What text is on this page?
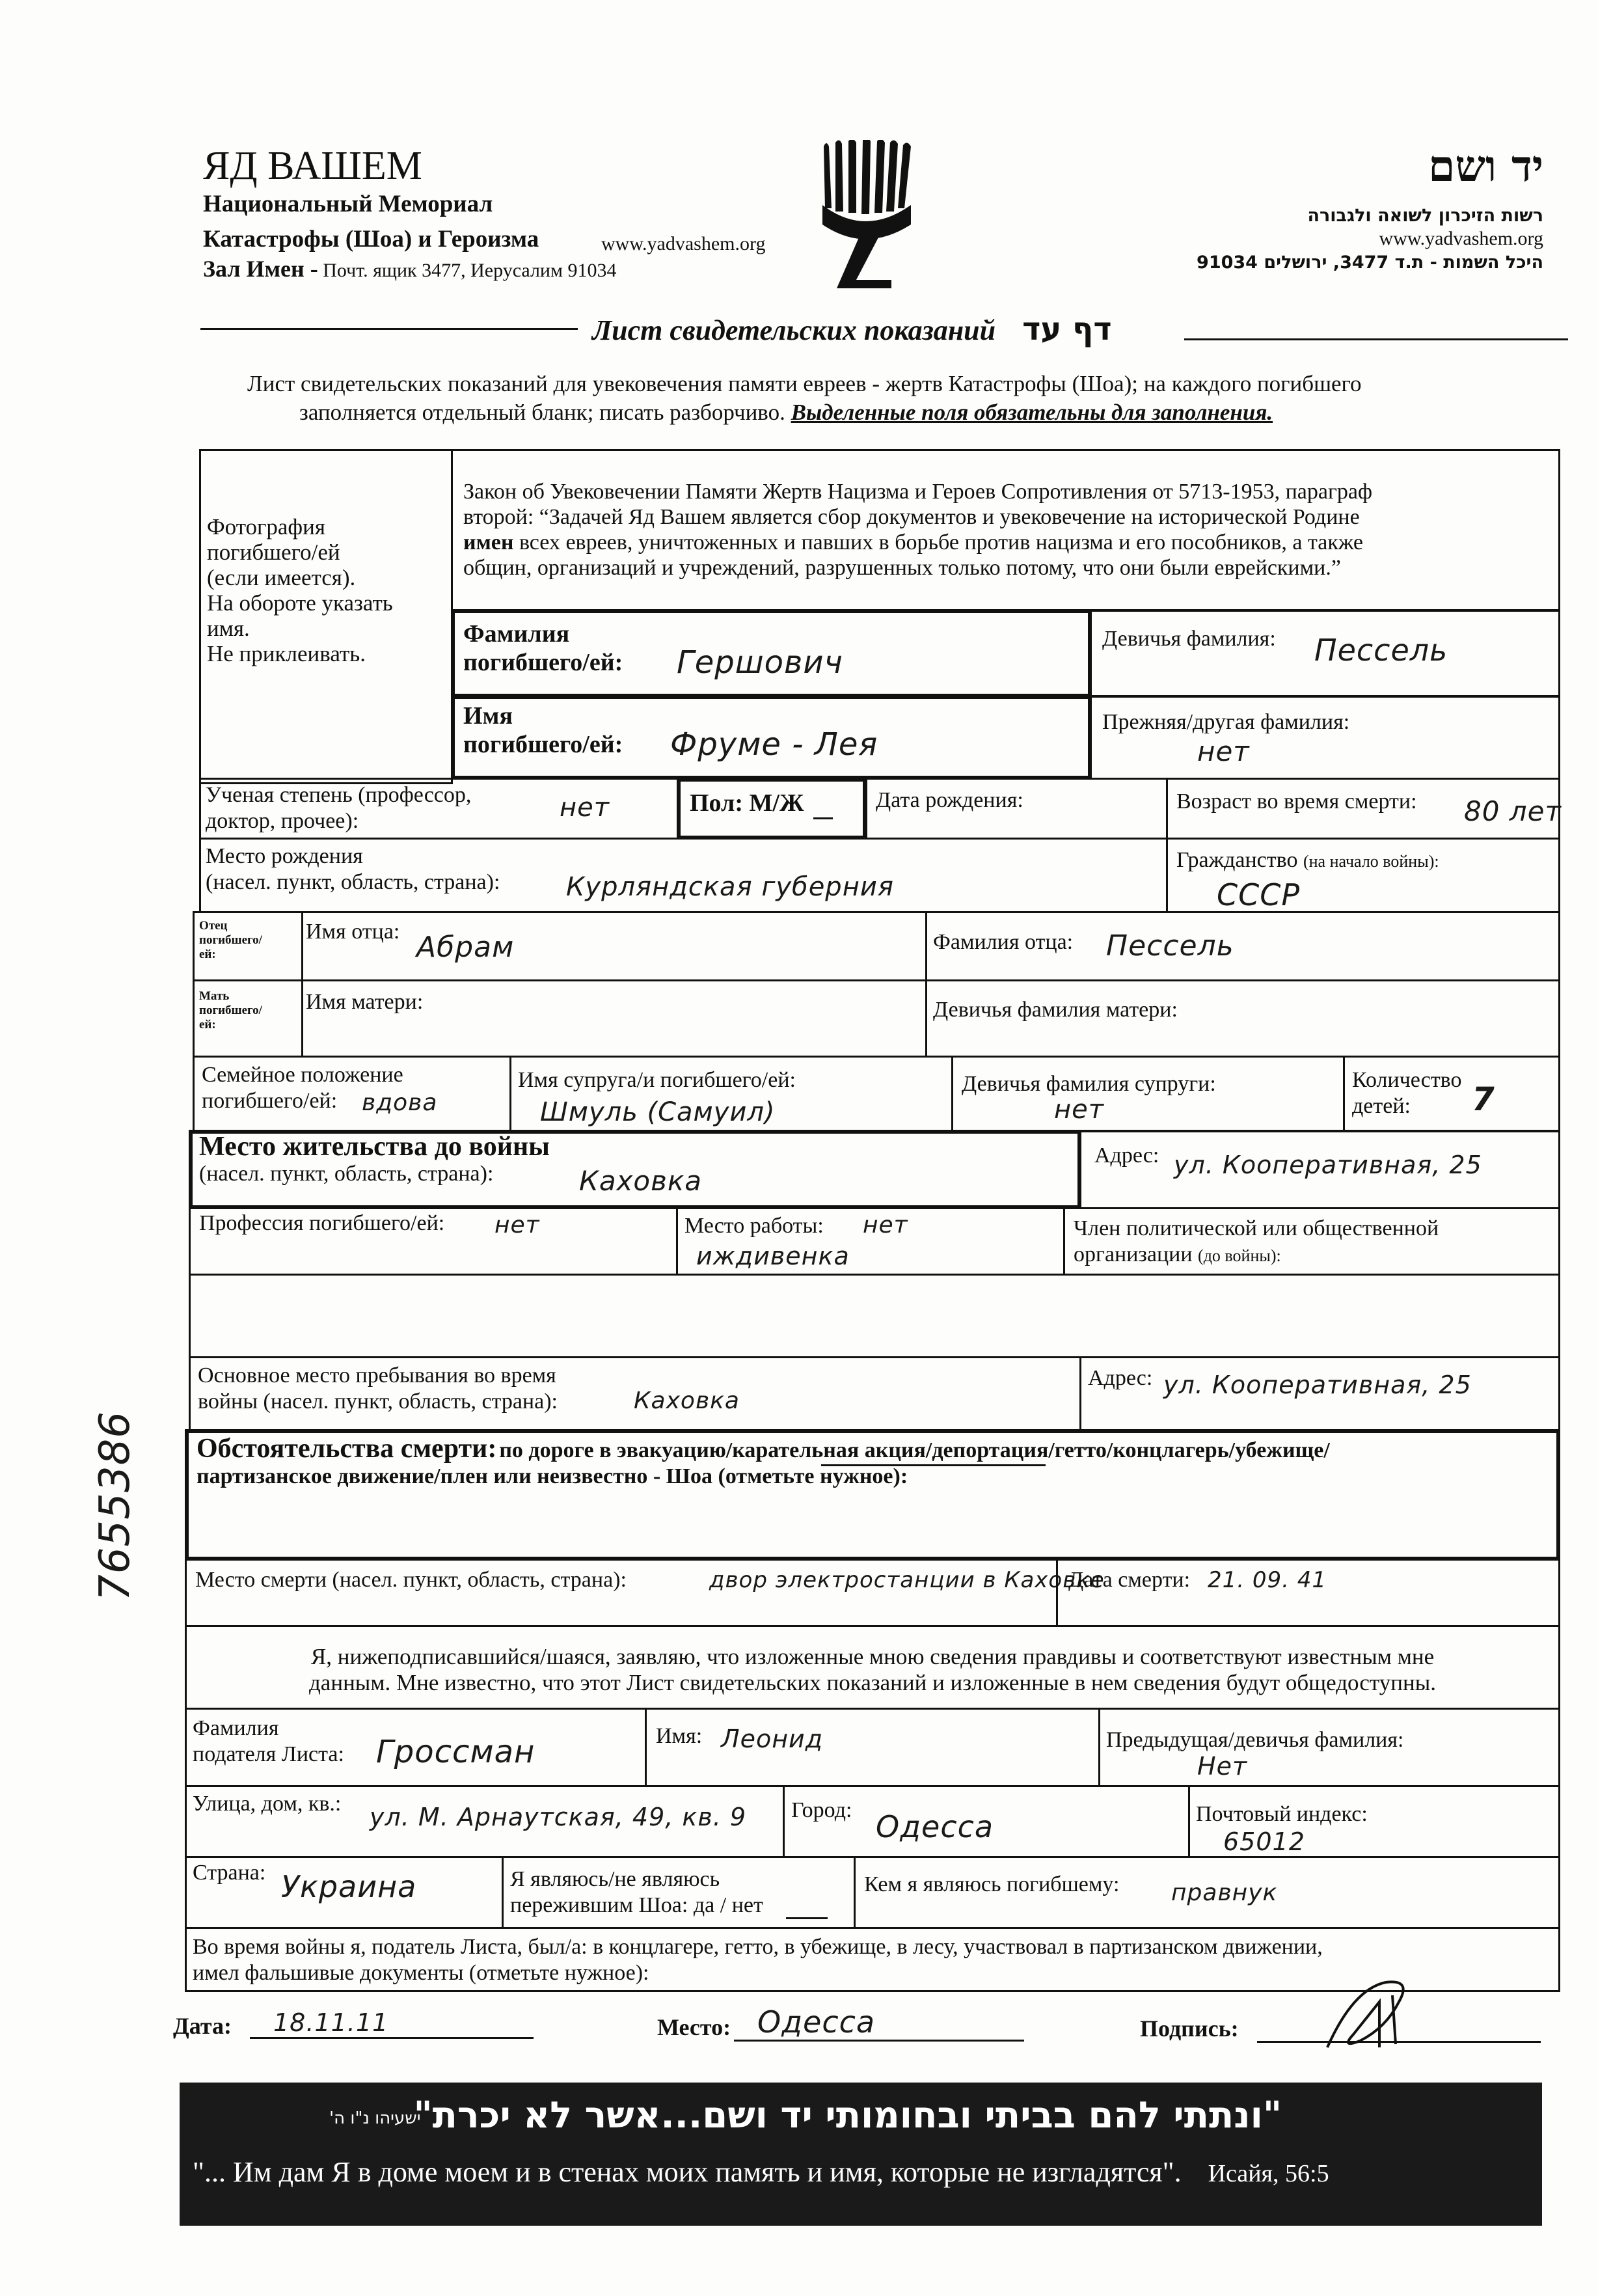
ЯД ВАШЕМ
Национальный Мемориал
Катастрофы (Шоа) и Героизма	www.yadvashem.org
Зал Имен - Почт. ящик 3477, Иерусалим 91034
יד ושם
רשות הזיכרון לשואה ולגבורה
www.yadvashem.org
היכל השמות - ת.ד 3477, ירושלים 91034
Лист свидетельских показаний דף עד
Лист свидетельских показаний для увековечения памяти евреев - жертв Катастрофы (Шоа); на каждого погибшего
заполняется отдельный бланк; писать разборчиво. Выделенные поля обязательны для заполнения.
Фотография
погибшего/ей
(если имеется).
На обороте указать
имя.
Не приклеивать.
Закон об Увековечении Памяти Жертв Нацизма и Героев Сопротивления от 5713-1953, параграф
второй: “Задачей Яд Вашем является сбор документов и увековечение на исторической Родине
имен всех евреев, уничтоженных и павших в борьбе против нацизма и его пособников, а также
общин, организаций и учреждений, разрушенных только потому, что они были еврейскими.”
Фамилия
погибшего/ей: Гершович
Девичья фамилия: Пессель
Имя
погибшего/ей: Фруме - Лея
Прежняя/другая фамилия:
нет
Ученая степень (профессор,
доктор, прочее):	нет	Пол: М/Ж	Дата рождения:	Возраст во время смерти: 80 лет
Место рождения
(насел. пункт, область, страна):	Курляндская губерния
Гражданство (на начало войны):
СССР
Отец
погибшего/
ей:
Имя отца: Абрам	Фамилия отца: Пессель
Мать
погибшего/
ей:
Имя матери:	Девичья фамилия матери:
Семейное положение
погибшего/ей:	вдова
Имя супруга/и погибшего/ей:
Шмуль (Самуил)
Девичья фамилия супруги:
нет
Количество
детей:	7
Место жительства до войны
(насел. пункт, область, страна):	Каховка
Адрес: ул. Кооперативная, 25
Профессия погибшего/ей: нет	Место работы: нет
иждивенка
Член политической или общественной
организации (до войны):
Основное место пребывания во время
войны (насел. пункт, область, страна):	Каховка
Адрес: ул. Кооперативная, 25
Обстоятельства смерти: по дороге в эвакуацию/карательная акция/депортация/гетто/концлагерь/убежище/
партизанское движение/плен или неизвестно - Шоа (отметьте нужное):
Место смерти (насел. пункт, область, страна):	двор электростанции в Каховке
Дата смерти: 21. 09. 41
Я, нижеподписавшийся/шаяся, заявляю, что изложенные мною сведения правдивы и соответствуют известным мне
данным. Мне известно, что этот Лист свидетельских показаний и изложенные в нем сведения будут общедоступны.
Фамилия
подателя Листа: Гроссман	Имя: Леонид	Предыдущая/девичья фамилия:
Нет
Улица, дом, кв.: ул. М. Арнаутская, 49, кв. 9 Город: Одесса	Почтовый индекс:
65012
Страна: Украина	Я являюсь/не являюсь
пережившим Шоа: да / нет
Кем я являюсь погибшему: правнук
Во время войны я, податель Листа, был/а: в концлагере, гетто, в убежище, в лесу, участвовал в партизанском движении,
имел фальшивые документы (отметьте нужное):
Дата: 18.11.11	Место: Одесса	Подпись:
7655386
"ונתתי להם בביתי ובחומותי יד ושם...אשר לא יכרת"
ישעיהו נ"ו ה'
"... Им дам Я в доме моем и в стенах моих память и имя, которые не изгладятся". Исайя, 56:5
